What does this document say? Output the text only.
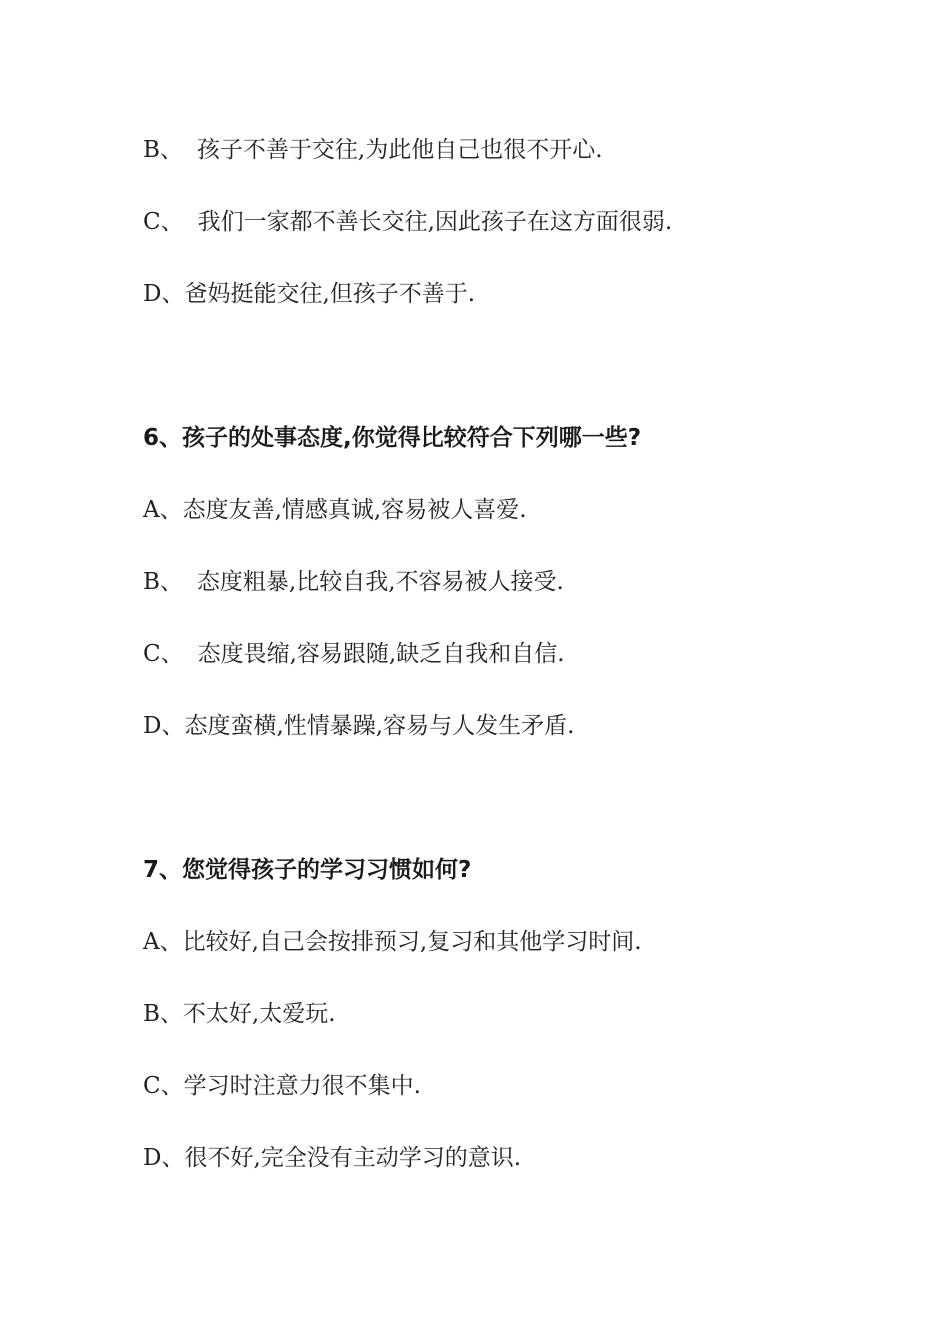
B、 孩子不善于交往,为此他自己也很不开心.
C、 我们一家都不善长交往,因此孩子在这方面很弱.
D、爸妈挺能交往,但孩子不善于.
6、孩子的处事态度,你觉得比较符合下列哪一些?
A、态度友善,情感真诚,容易被人喜爱.
B、 态度粗暴,比较自我,不容易被人接受.
C、 态度畏缩,容易跟随,缺乏自我和自信.
D、态度蛮横,性情暴躁,容易与人发生矛盾.
7、您觉得孩子的学习习惯如何?
A、比较好,自己会按排预习,复习和其他学习时间.
B、不太好,太爱玩.
C、学习时注意力很不集中.
D、很不好,完全没有主动学习的意识.
